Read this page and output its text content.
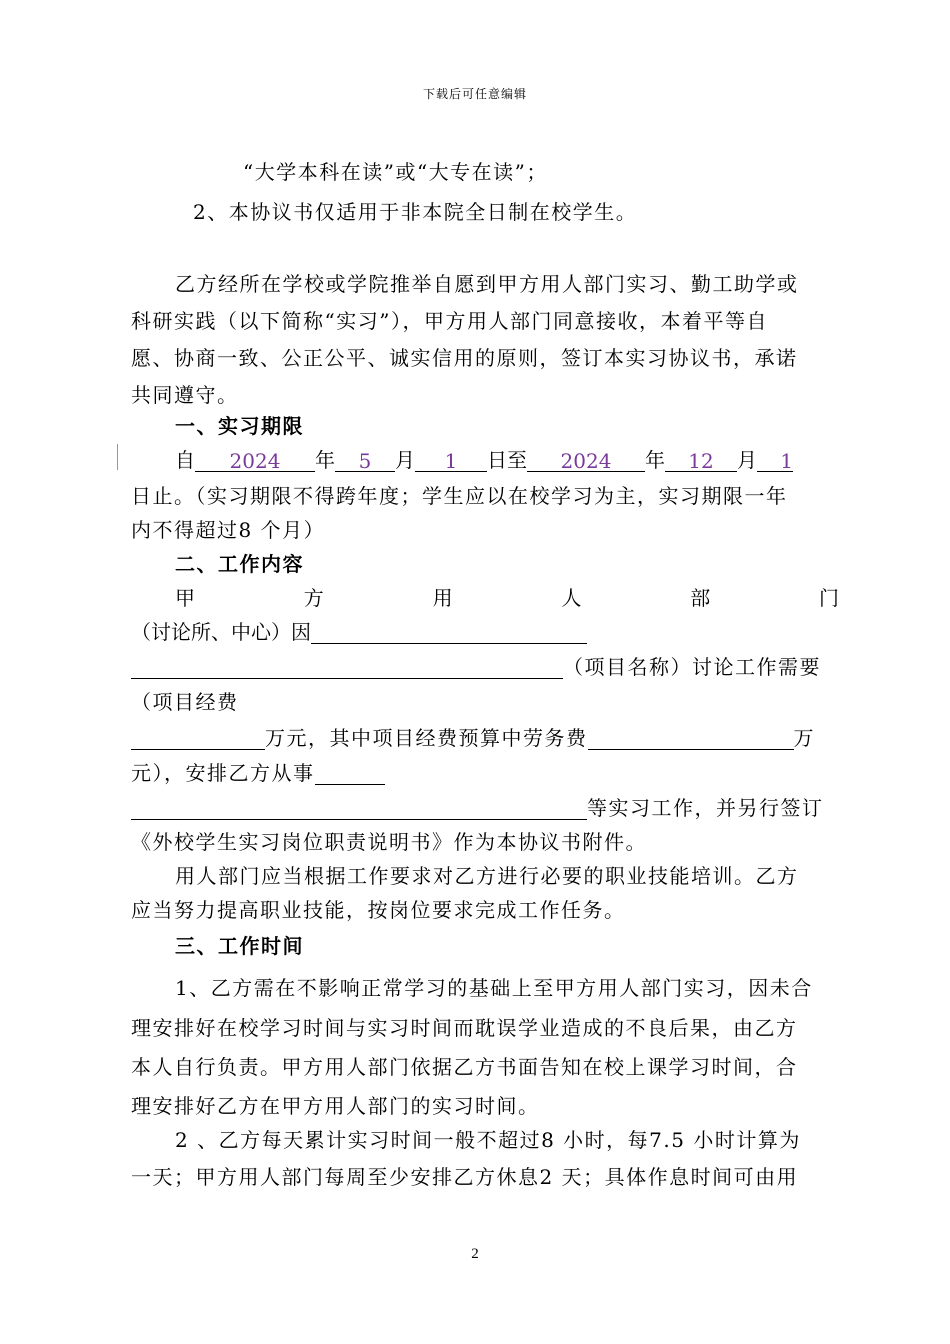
下载后可任意编辑
“大学本科在读”或“大专在读”；
2、本协议书仅适用于非本院全日制在校学生。
乙方经所在学校或学院推举自愿到甲方用人部门实习、勤工助学或
科研实践（以下简称“实习”），甲方用人部门同意接收，本着平等自
愿、协商一致、公正公平、诚实信用的原则，签订本实习协议书，承诺
共同遵守。
一、实习期限
自 2024 年 5 月 1 日至 2024 年 12 月 1
日止。（实习期限不得跨年度；学生应以在校学习为主，实习期限一年
内不得超过8 个月）
二、工作内容
甲	方	用	人	部	门
（讨论所、中心）因
（项目名称）讨论工作需要
（项目经费
万元，其中项目经费预算中劳务费	万
元），安排乙方从事
等实习工作，并另行签订
《外校学生实习岗位职责说明书》作为本协议书附件。
用人部门应当根据工作要求对乙方进行必要的职业技能培训。乙方
应当努力提高职业技能，按岗位要求完成工作任务。
三、工作时间
1、乙方需在不影响正常学习的基础上至甲方用人部门实习，因未合
理安排好在校学习时间与实习时间而耽误学业造成的不良后果，由乙方
本人自行负责。甲方用人部门依据乙方书面告知在校上课学习时间，合
理安排好乙方在甲方用人部门的实习时间。
2 、乙方每天累计实习时间一般不超过8 小时，每7.5 小时计算为
一天；甲方用人部门每周至少安排乙方休息2 天；具体作息时间可由用
2
